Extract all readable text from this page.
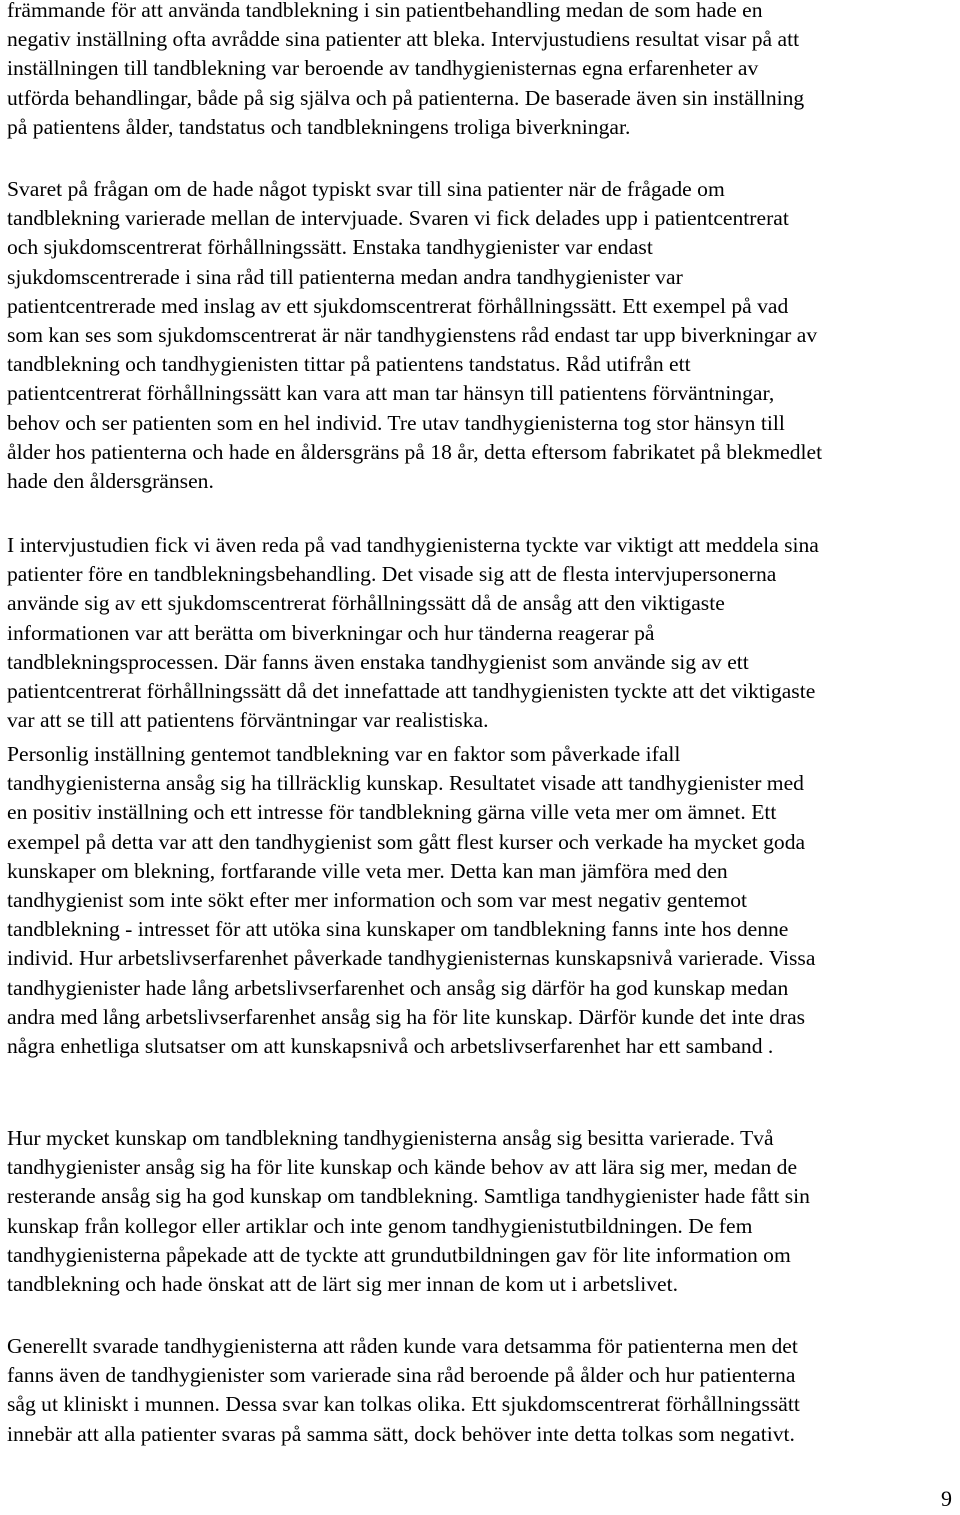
främmande för att använda tandblekning i sin patientbehandling medan de som hade en
negativ inställning ofta avrådde sina patienter att bleka. Intervjustudiens resultat visar på att
inställningen till tandblekning var beroende av tandhygienisternas egna erfarenheter av
utförda behandlingar, både på sig själva och på patienterna. De baserade även sin inställning
på patientens ålder, tandstatus och tandblekningens troliga biverkningar.

Svaret på frågan om de hade något typiskt svar till sina patienter när de frågade om
tandblekning varierade mellan de intervjuade. Svaren vi fick delades upp i patientcentrerat
och sjukdomscentrerat förhållningssätt. Enstaka tandhygienister var endast
sjukdomscentrerade i sina råd till patienterna medan andra tandhygienister var
patientcentrerade med inslag av ett sjukdomscentrerat förhållningssätt. Ett exempel på vad
som kan ses som sjukdomscentrerat är när tandhygienstens råd endast tar upp biverkningar av
tandblekning och tandhygienisten tittar på patientens tandstatus. Råd utifrån ett
patientcentrerat förhållningssätt kan vara att man tar hänsyn till patientens förväntningar,
behov och ser patienten som en hel individ. Tre utav tandhygienisterna tog stor hänsyn till
ålder hos patienterna och hade en åldersgräns på 18 år, detta eftersom fabrikatet på blekmedlet
hade den åldersgränsen.

I intervjustudien fick vi även reda på vad tandhygienisterna tyckte var viktigt att meddela sina
patienter före en tandblekningsbehandling. Det visade sig att de flesta intervjupersonerna
använde sig av ett sjukdomscentrerat förhållningssätt då de ansåg att den viktigaste
informationen var att berätta om biverkningar och hur tänderna reagerar på
tandblekningsprocessen. Där fanns även enstaka tandhygienist som använde sig av ett
patientcentrerat förhållningssätt då det innefattade att tandhygienisten tyckte att det viktigaste
var att se till att patientens förväntningar var realistiska.

Personlig inställning gentemot tandblekning var en faktor som påverkade ifall
tandhygienisterna ansåg sig ha tillräcklig kunskap. Resultatet visade att tandhygienister med
en positiv inställning och ett intresse för tandblekning gärna ville veta mer om ämnet. Ett
exempel på detta var att den tandhygienist som gått flest kurser och verkade ha mycket goda
kunskaper om blekning, fortfarande ville veta mer. Detta kan man jämföra med den
tandhygienist som inte sökt efter mer information och som var mest negativ gentemot
tandblekning - intresset för att utöka sina kunskaper om tandblekning fanns inte hos denne
individ. Hur arbetslivserfarenhet påverkade tandhygienisternas kunskapsnivå varierade. Vissa
tandhygienister hade lång arbetslivserfarenhet och ansåg sig därför ha god kunskap medan
andra med lång arbetslivserfarenhet ansåg sig ha för lite kunskap. Därför kunde det inte dras
några enhetliga slutsatser om att kunskapsnivå och arbetslivserfarenhet har ett samband .

Hur mycket kunskap om tandblekning tandhygienisterna ansåg sig besitta varierade. Två
tandhygienister ansåg sig ha för lite kunskap och kände behov av att lära sig mer, medan de
resterande ansåg sig ha god kunskap om tandblekning. Samtliga tandhygienister hade fått sin
kunskap från kollegor eller artiklar och inte genom tandhygienistutbildningen. De fem
tandhygienisterna påpekade att de tyckte att grundutbildningen gav för lite information om
tandblekning och hade önskat att de lärt sig mer innan de kom ut i arbetslivet.

Generellt svarade tandhygienisterna att råden kunde vara detsamma för patienterna men det
fanns även de tandhygienister som varierade sina råd beroende på ålder och hur patienterna
såg ut kliniskt i munnen. Dessa svar kan tolkas olika. Ett sjukdomscentrerat förhållningssätt
innebär att alla patienter svaras på samma sätt, dock behöver inte detta tolkas som negativt.

9
